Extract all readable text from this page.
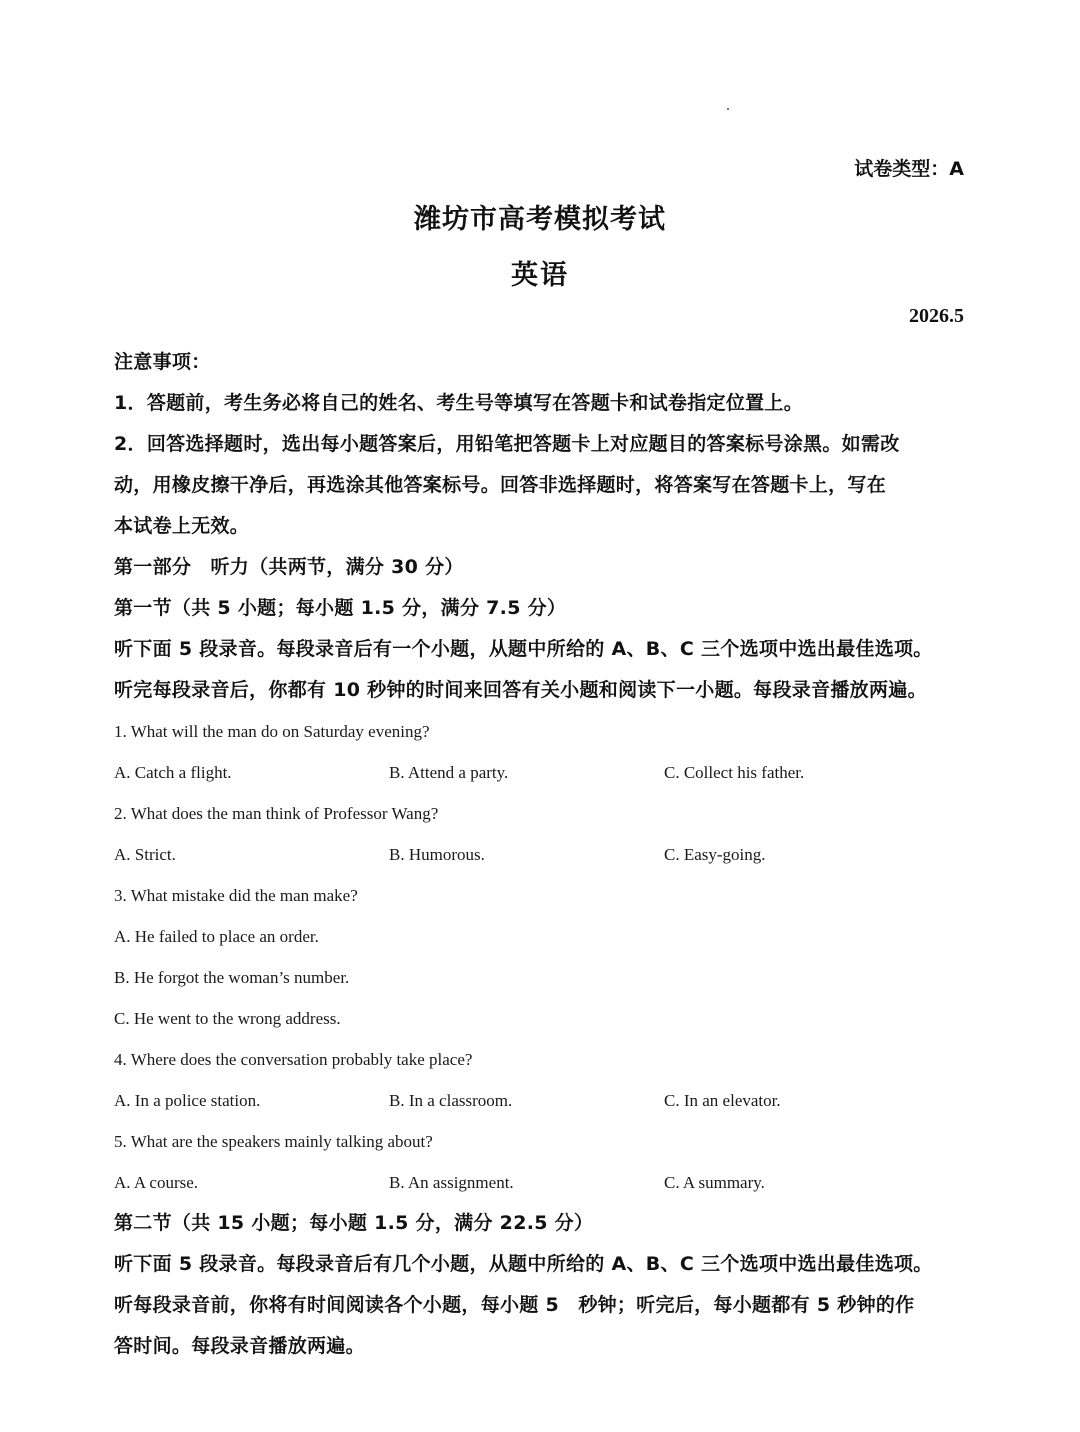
试卷类型：A
潍坊市高考模拟考试
英语
2026.5
注意事项：
1．答题前，考生务必将自己的姓名、考生号等填写在答题卡和试卷指定位置上。
2．回答选择题时，选出每小题答案后，用铅笔把答题卡上对应题目的答案标号涂黑。如需改
动，用橡皮擦干净后，再选涂其他答案标号。回答非选择题时，将答案写在答题卡上，写在
本试卷上无效。
第一部分　听力（共两节，满分 30 分）
第一节（共 5 小题；每小题 1.5 分，满分 7.5 分）
听下面 5 段录音。每段录音后有一个小题，从题中所给的 A、B、C 三个选项中选出最佳选项。
听完每段录音后，你都有 10 秒钟的时间来回答有关小题和阅读下一小题。每段录音播放两遍。
1. What will the man do on Saturday evening?
A. Catch a flight.	B. Attend a party.	C. Collect his father.
2. What does the man think of Professor Wang?
A. Strict.	B. Humorous.	C. Easy-going.
3. What mistake did the man make?
A. He failed to place an order.
B. He forgot the woman’s number.
C. He went to the wrong address.
4. Where does the conversation probably take place?
A. In a police station.	B. In a classroom.	C. In an elevator.
5. What are the speakers mainly talking about?
A. A course.	B. An assignment.	C. A summary.
第二节（共 15 小题；每小题 1.5 分，满分 22.5 分）
听下面 5 段录音。每段录音后有几个小题，从题中所给的 A、B、C 三个选项中选出最佳选项。
听每段录音前，你将有时间阅读各个小题，每小题 5　秒钟；听完后，每小题都有 5 秒钟的作
答时间。每段录音播放两遍。
